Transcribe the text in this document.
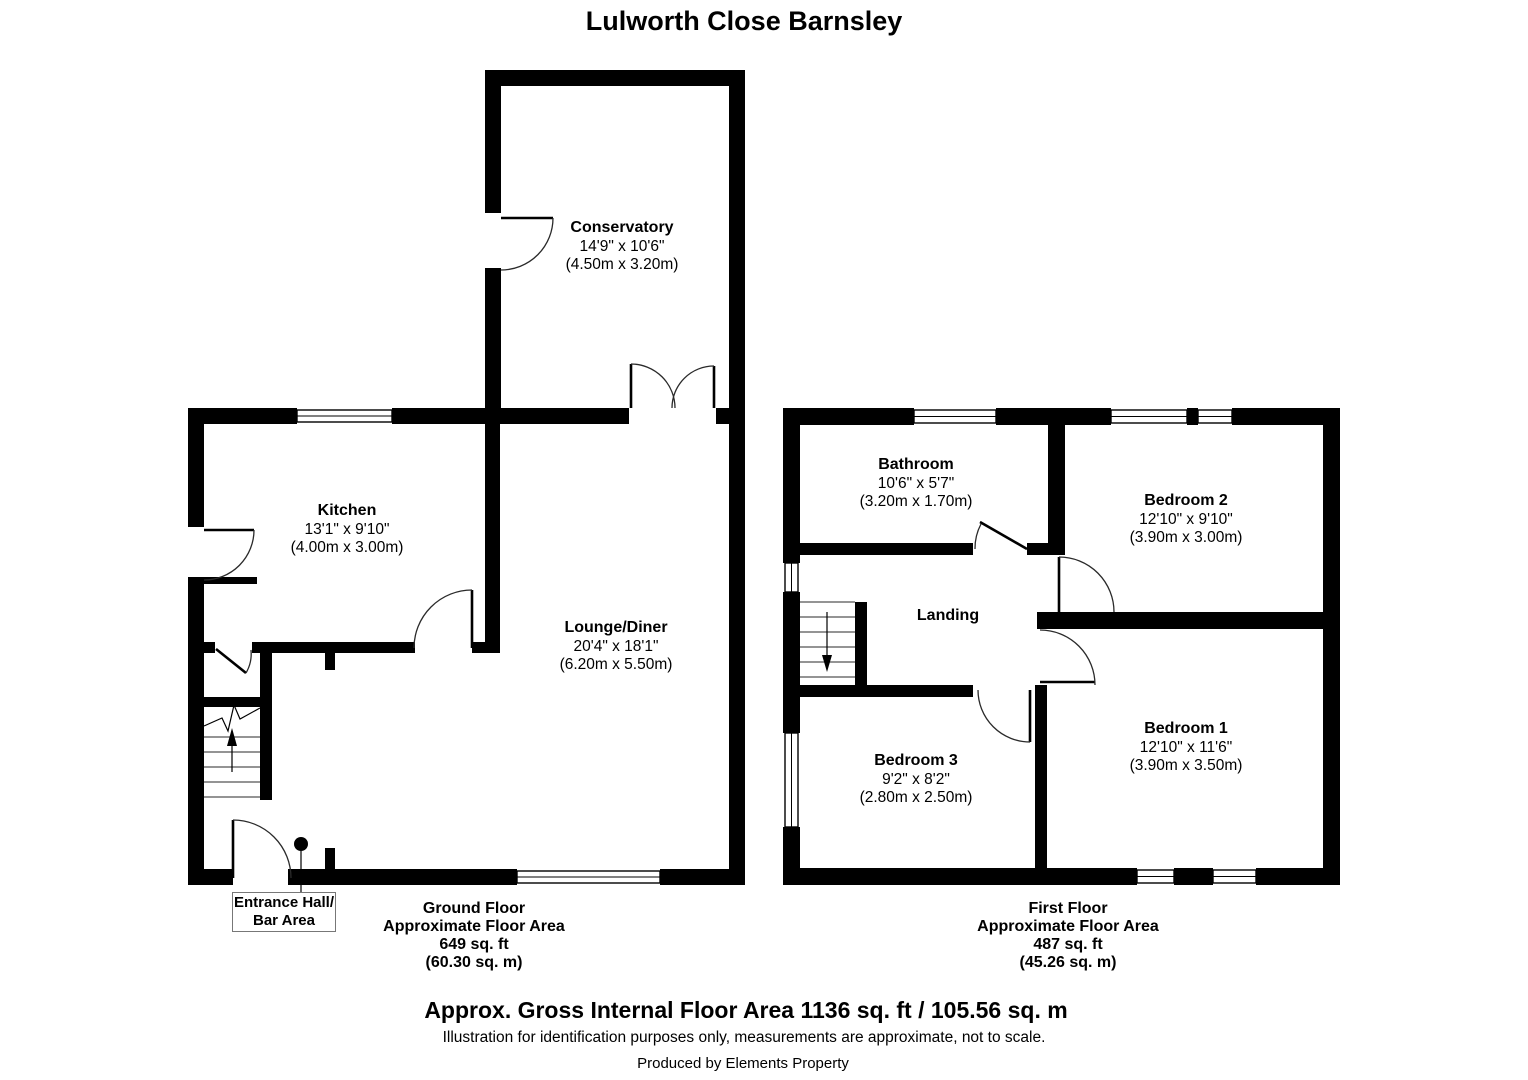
Lulworth Close Barnsley
Conservatory
14'9" x 10'6"
(4.50m x 3.20m)
Kitchen
13'1" x 9'10"
(4.00m x 3.00m)
Lounge/Diner
20'4" x 18'1"
(6.20m x 5.50m)
Bathroom
10'6" x 5'7"
(3.20m x 1.70m)	Bedroom 2
12'10" x 9'10"
(3.90m x 3.00m)
Landing
Bedroom 3
9'2" x 8'2"
(2.80m x 2.50m)
Bedroom 1
12'10" x 11'6"
(3.90m x 3.50m)
Entrance Hall/
Bar Area
Ground Floor
Approximate Floor Area
649 sq. ft
(60.30 sq. m)
First Floor
Approximate Floor Area
487 sq. ft
(45.26 sq. m)
Approx. Gross Internal Floor Area 1136 sq. ft / 105.56 sq. m
Illustration for identification purposes only, measurements are approximate, not to scale.
Produced by Elements Property
